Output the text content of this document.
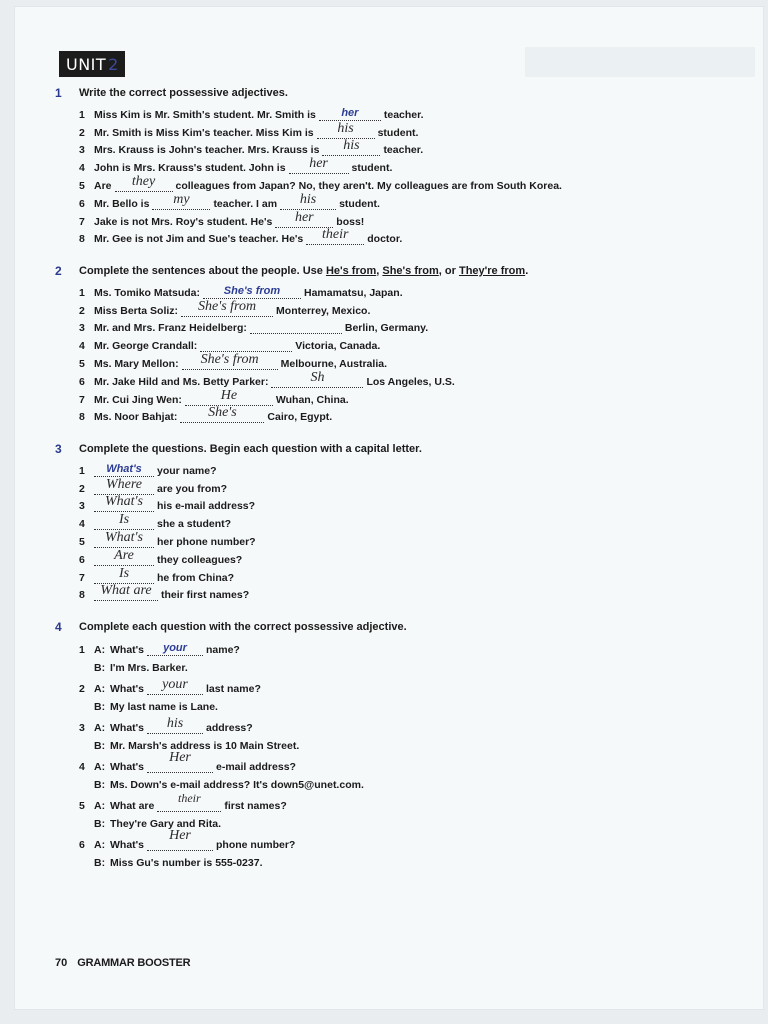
UNIT 2
1	Write the correct possessive adjectives.
1 Miss Kim is Mr. Smith's student. Mr. Smith is	her	teacher.
2 Mr. Smith is Miss Kim's teacher. Miss Kim is	his	student.
3 Mrs. Krauss is John's teacher. Mrs. Krauss is	his	teacher.
4 John is Mrs. Krauss's student. John is	her	student.
5 Are	they	colleagues from Japan? No, they aren't. My colleagues are from South Korea.
6 Mr. Bello is	my	teacher. I am	his	student.
7 Jake is not Mrs. Roy's student. He's	her	boss!
8 Mr. Gee is not Jim and Sue's teacher. He's	their	doctor.
2	Complete the sentences about the people. Use He's from, She's from, or They're from.
1 Ms. Tomiko Matsuda:	She's from	Hamamatsu, Japan.
2 Miss Berta Soliz:	She's from	Monterrey, Mexico.
3 Mr. and Mrs. Franz Heidelberg:	Berlin, Germany.
4 Mr. George Crandall:	Victoria, Canada.
5 Ms. Mary Mellon:	She's from	Melbourne, Australia.
6 Mr. Jake Hild and Ms. Betty Parker:	Sh	Los Angeles, U.S.
7 Mr. Cui Jing Wen:	He	Wuhan, China.
8 Ms. Noor Bahjat:	She's	Cairo, Egypt.
3	Complete the questions. Begin each question with a capital letter.
1	What's	your name?
2	Where	are you from?
3	What's	his e-mail address?
4	Is	she a student?
5	What's	her phone number?
6	Are	they colleagues?
7	Is	he from China?
8	What are their first names?
4	Complete each question with the correct possessive adjective.
1 A: What's	your	name?
B: I'm Mrs. Barker.
2 A: What's	your	last name?
B: My last name is Lane.
3 A: What's	his	address?
B: Mr. Marsh's address is 10 Main Street.
4 A: What's
Her
e-mail address?
B: Ms. Down's e-mail address? It's down5@unet.com.
5 A: What are
their
first names?
B: They're Gary and Rita.
6 A: What's
Her
phone number?
B: Miss Gu's number is 555-0237.
70 GRAMMAR BOOSTER
